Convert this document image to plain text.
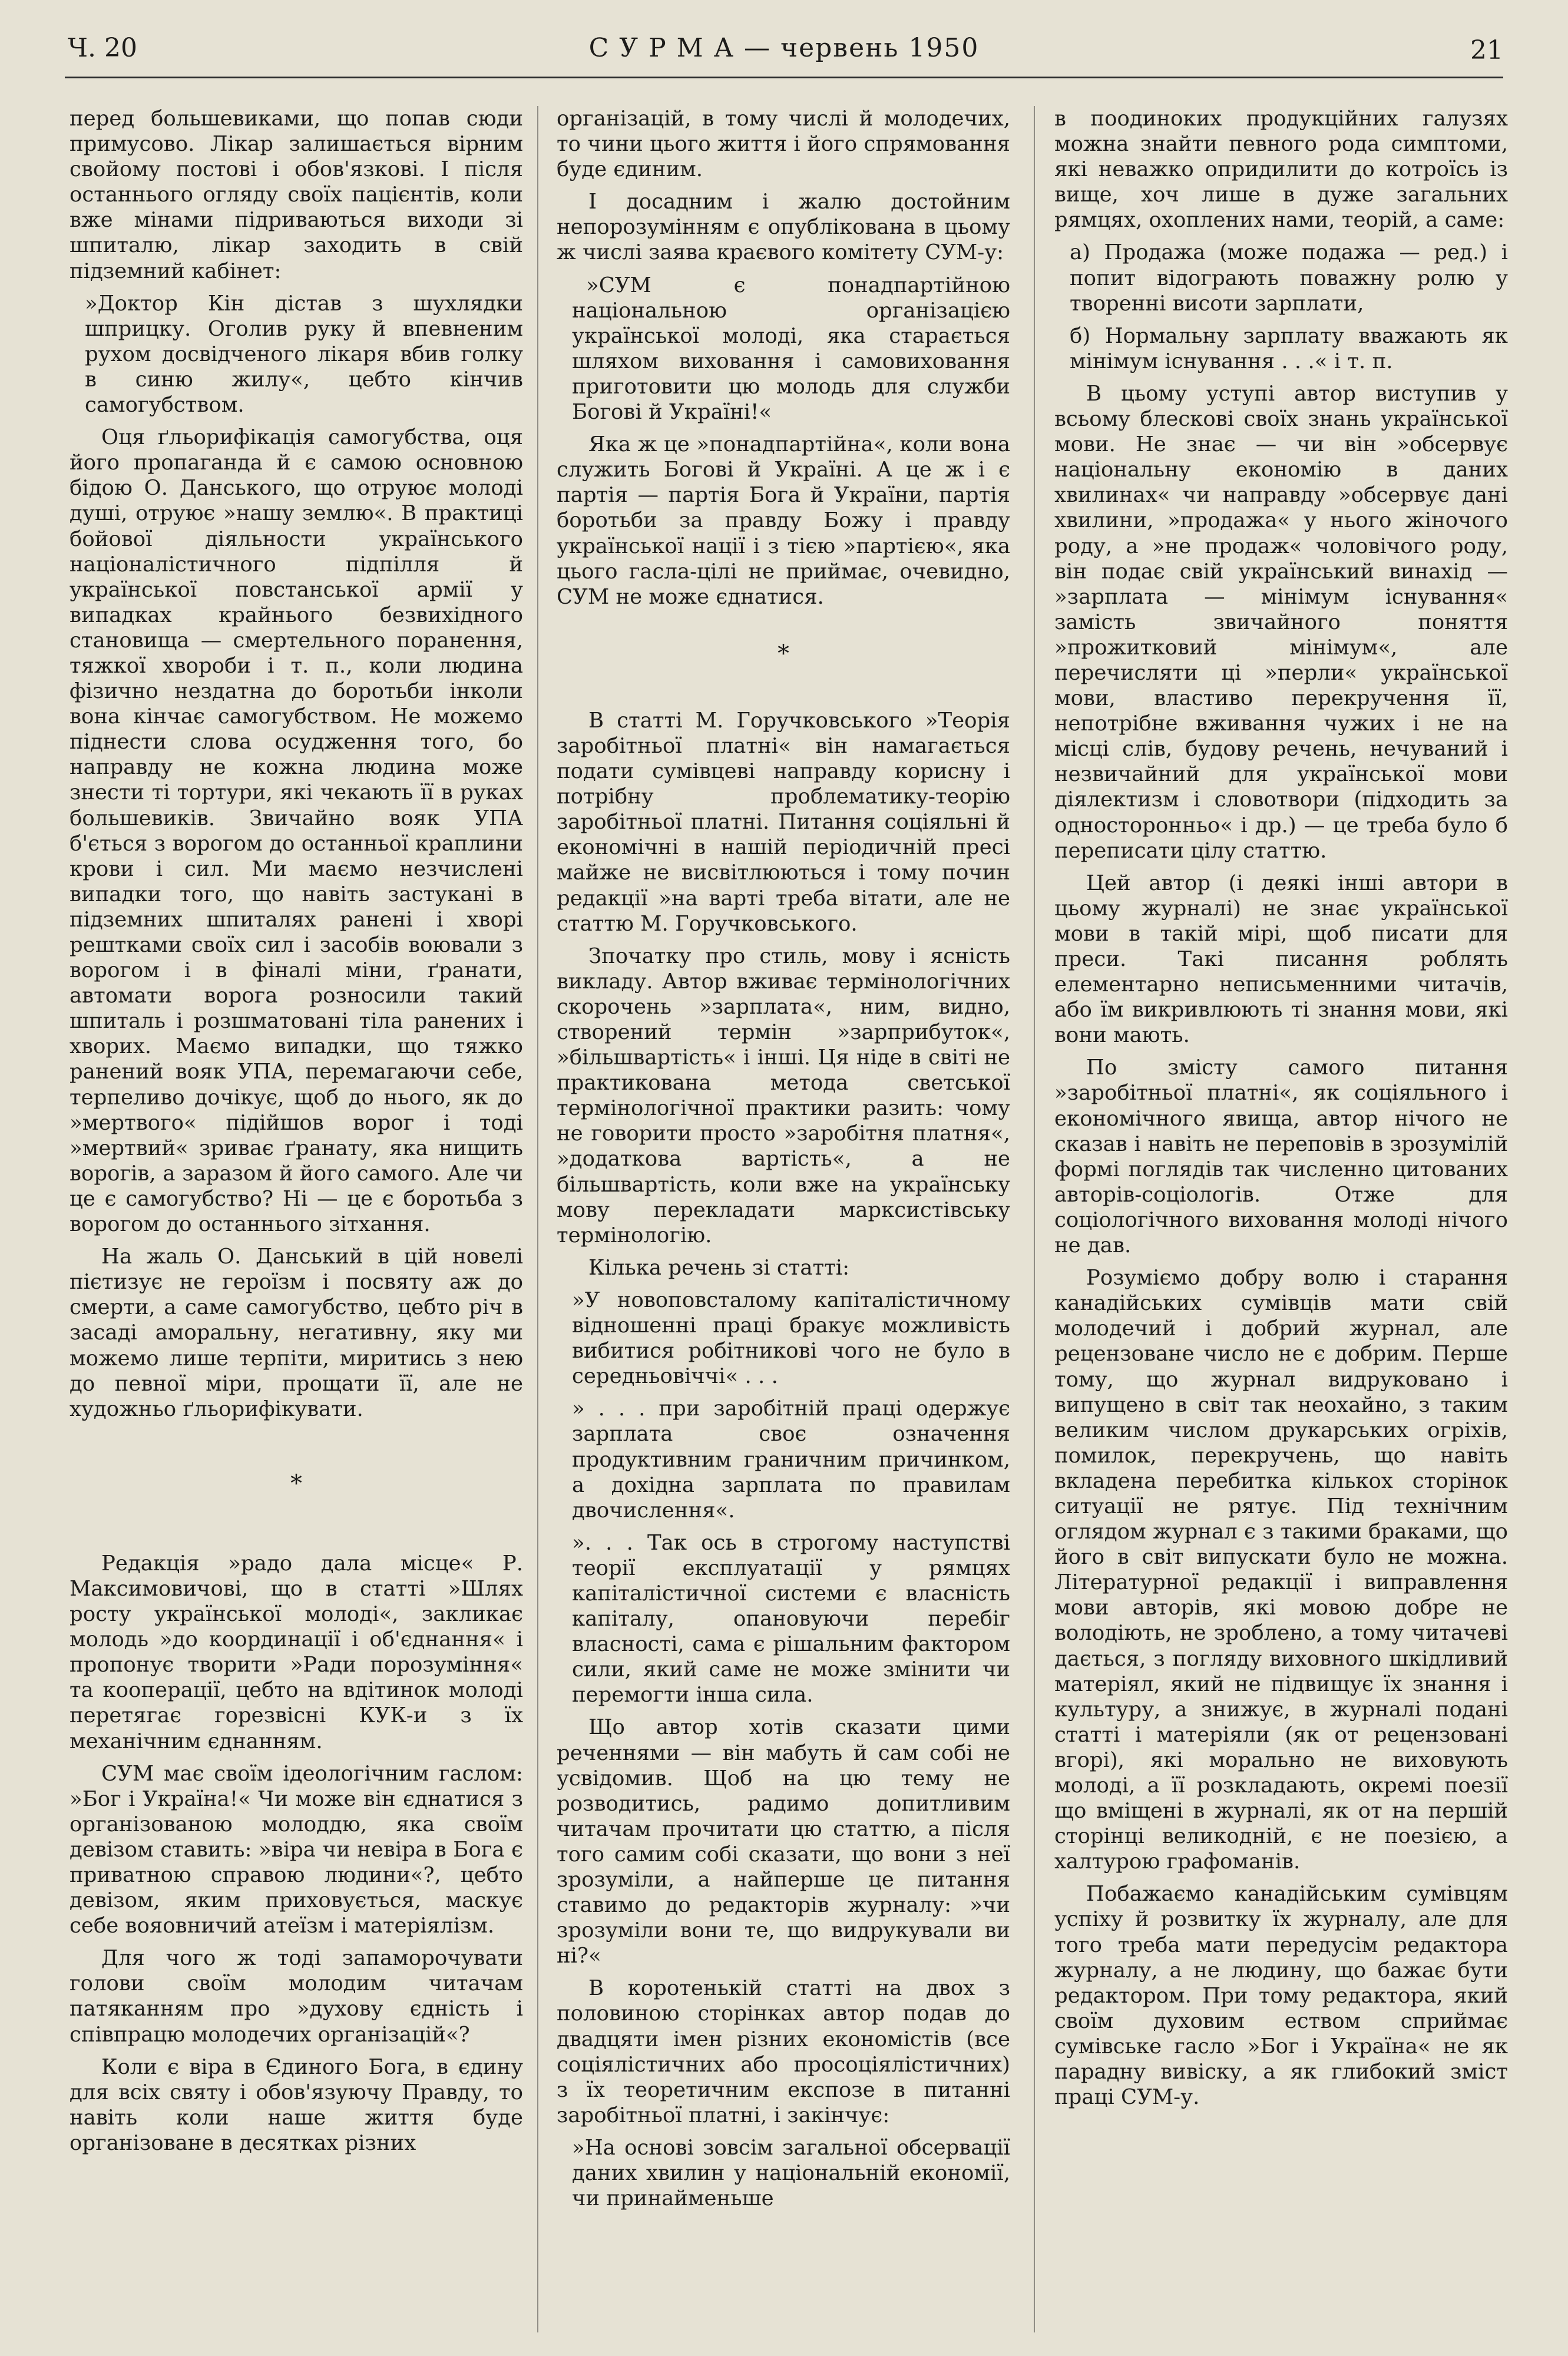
Ч. 20	С У Р М А — червень 1950	21

перед большевиками, що попав сюди примусово. Лікар залишається вірним свойому постові і обов'язкові. І після останнього огляду своїх пацієнтів, коли вже мінами підриваються виходи зі шпиталю, лікар заходить в свій підземний кабінет:

»Доктор Кін дістав з шухлядки шприцку. Оголив руку й впевненим рухом досвідченого лікаря вбив голку в синю жилу«, цебто кінчив самогубством.

Оця ґльорифікація самогубства, оця його пропаганда й є самою основною бідою О. Данського, що отруює молоді душі, отруює »нашу землю«. В практиці бойової діяльности українського націоналістичного підпілля й української повстанської армії у випадках крайнього безвихідного становища — смертельного поранення, тяжкої хвороби і т. п., коли людина фізично нездатна до боротьби інколи вона кінчає самогубством. Не можемо піднести слова осудження того, бо направду не кожна людина може знести ті тортури, які чекають її в руках большевиків. Звичайно вояк УПА б'ється з ворогом до останньої краплини крови і сил. Ми маємо незчислені випадки того, що навіть застукані в підземних шпиталях ранені і хворі рештками своїх сил і засобів воювали з ворогом і в фіналі міни, ґранати, автомати ворога розносили такий шпиталь і розшматовані тіла ранених і хворих. Маємо випадки, що тяжко ранений вояк УПА, перемагаючи себе, терпеливо дочікує, щоб до нього, як до »мертвого« підійшов ворог і тоді »мертвий« зриває ґранату, яка нищить ворогів, а заразом й його самого. Але чи це є самогубство? Ні — це є боротьба з ворогом до останнього зітхання.

На жаль О. Данський в цій новелі пієтизує не героїзм і посвяту аж до смерти, а саме самогубство, цебто річ в засаді аморальну, негативну, яку ми можемо лише терпіти, миритись з нею до певної міри, прощати її, але не художньо ґльорифікувати.

*

Редакція »радо дала місце« Р. Максимовичові, що в статті »Шлях росту української молоді«, закликає молодь »до координації і об'єднання« і пропонує творити »Ради порозуміння« та кооперації, цебто на вдітинок молоді перетягає горезвісні КУК-и з їх механічним єднанням.

СУМ має своїм ідеологічним гаслом: »Бог і Україна!« Чи може він єднатися з організованою молоддю, яка своїм девізом ставить: »віра чи невіра в Бога є приватною справою людини«?, цебто девізом, яким приховується, маскує себе вояовничий атеїзм і матеріялізм.

Для чого ж тоді запаморочувати голови своїм молодим читачам патяканням про »духову єдність і співпрацю молодечих організацій«?

Коли є віра в Єдиного Бога, в єдину для всіх святу і обов'язуючу Правду, то навіть коли наше життя буде організоване в десятках різних

організацій, в тому числі й молодечих, то чини цього життя і його спрямовання буде єдиним.

І досадним і жалю достойним непорозумінням є опублікована в цьому ж числі заява краєвого комітету СУМ-у:

»СУМ є понадпартійною національною організацією української молоді, яка старається шляхом виховання і самовиховання приготовити цю молодь для служби Богові й Україні!«

Яка ж це »понадпартійна«, коли вона служить Богові й Україні. А це ж і є партія — партія Бога й України, партія боротьби за правду Божу і правду української нації і з тією »партією«, яка цього гасла-цілі не приймає, очевидно, СУМ не може єднатися.

*

В статті М. Горучковського »Теорія заробітньої платні« він намагається подати сумівцеві направду корисну і потрібну проблематику-теорію заробітньої платні. Питання соціяльні й економічні в нашій періодичній пресі майже не висвітлюються і тому почин редакції »на варті треба вітати, але не статтю М. Горучковського.

Зпочатку про стиль, мову і ясність викладу. Автор вживає термінологічних скорочень »зарплата«, ним, видно, створений термін »зарприбуток«, »більшвартість« і інші. Ця ніде в світі не практикована метода светської термінологічної практики разить: чому не говорити просто »заробітня платня«, »додаткова вартість«, а не більшвартість, коли вже на українську мову перекладати марксистівську термінологію.

Кілька речень зі статті:

»У новоповсталому капіталістичному відношенні праці бракує можливість вибитися робітникові чого не було в середньовіччі« . . .

» . . . при заробітній праці одержує зарплата своє означення продуктивним граничним причинком, а дохідна зарплата по правилам двочислення«.

». . . Так ось в строгому наступстві теорії експлуатації у рямцях капіталістичної системи є власність капіталу, опановуючи перебіг власності, сама є рішальним фактором сили, який саме не може змінити чи перемогти інша сила.

Що автор хотів сказати цими реченнями — він мабуть й сам собі не усвідомив. Щоб на цю тему не розводитись, радимо допитливим читачам прочитати цю статтю, а після того самим собі сказати, що вони з неї зрозуміли, а найперше це питання ставимо до редакторів журналу: »чи зрозуміли вони те, що видрукували ви ні?«

В коротенькій статті на двох з половиною сторінках автор подав до двадцяти імен різних економістів (все соціялістичних або просоціялістичних) з їх теоретичним експозе в питанні заробітньої платні, і закінчує:

»На основі зовсім загальної обсервації даних хвилин у національній економії, чи принайменьше

в поодиноких продукційних галузях можна знайти певного рода симптоми, які неважко опридилити до котроїсь із вище, хоч лише в дуже загальних рямцях, охоплених нами, теорій, а саме:

а) Продажа (може подажа — ред.) і попит відограють поважну ролю у творенні висоти зарплати,

б) Нормальну зарплату вважають як мінімум існування . . .« і т. п.

В цьому уступі автор виступив у всьому блескові своїх знань української мови. Не знає — чи він »обсервує національну економію в даних хвилинах« чи направду »обсервує дані хвилини, »продажа« у нього жіночого роду, а »не продаж« чоловічого роду, він подає свій український винахід — »зарплата — мінімум існування« замість звичайного поняття »прожитковий мінімум«, але перечисляти ці »перли« української мови, властиво перекручення її, непотрібне вживання чужих і не на місці слів, будову речень, нечуваний і незвичайний для української мови діялектизм і словотвори (підходить за односторонньо« і др.) — це треба було б переписати цілу статтю.

Цей автор (і деякі інші автори в цьому журналі) не знає української мови в такій мірі, щоб писати для преси. Такі писання роблять елементарно неписьменними читачів, або їм викривлюють ті знання мови, які вони мають.

По змісту самого питання »заробітньої платні«, як соціяльного і економічного явища, автор нічого не сказав і навіть не переповів в зрозумілій формі поглядів так численно цитованих авторів-соціологів. Отже для соціологічного виховання молоді нічого не дав.

Розуміємо добру волю і старання канадійських сумівців мати свій молодечий і добрий журнал, але рецензоване число не є добрим. Перше тому, що журнал видруковано і випущено в світ так неохайно, з таким великим числом друкарських огріхів, помилок, перекручень, що навіть вкладена перебитка кількох сторінок ситуації не рятує. Під технічним оглядом журнал є з такими браками, що його в світ випускати було не можна. Літературної редакції і виправлення мови авторів, які мовою добре не володіють, не зроблено, а тому читачеві дається, з погляду виховного шкідливий матеріял, який не підвищує їх знання і культуру, а знижує, в журналі подані статті і матеріяли (як от рецензовані вгорі), які морально не виховують молоді, а її розкладають, окремі поезії що вміщені в журналі, як от на першій сторінці великодній, є не поезією, а халтурою графоманів.

Побажаємо канадійським сумівцям успіху й розвитку їх журналу, але для того треба мати передусім редактора журналу, а не людину, що бажає бути редактором. При тому редактора, який своїм духовим еством сприймає сумівське гасло »Бог і Україна« не як парадну вивіску, а як глибокий зміст праці СУМ-у.
